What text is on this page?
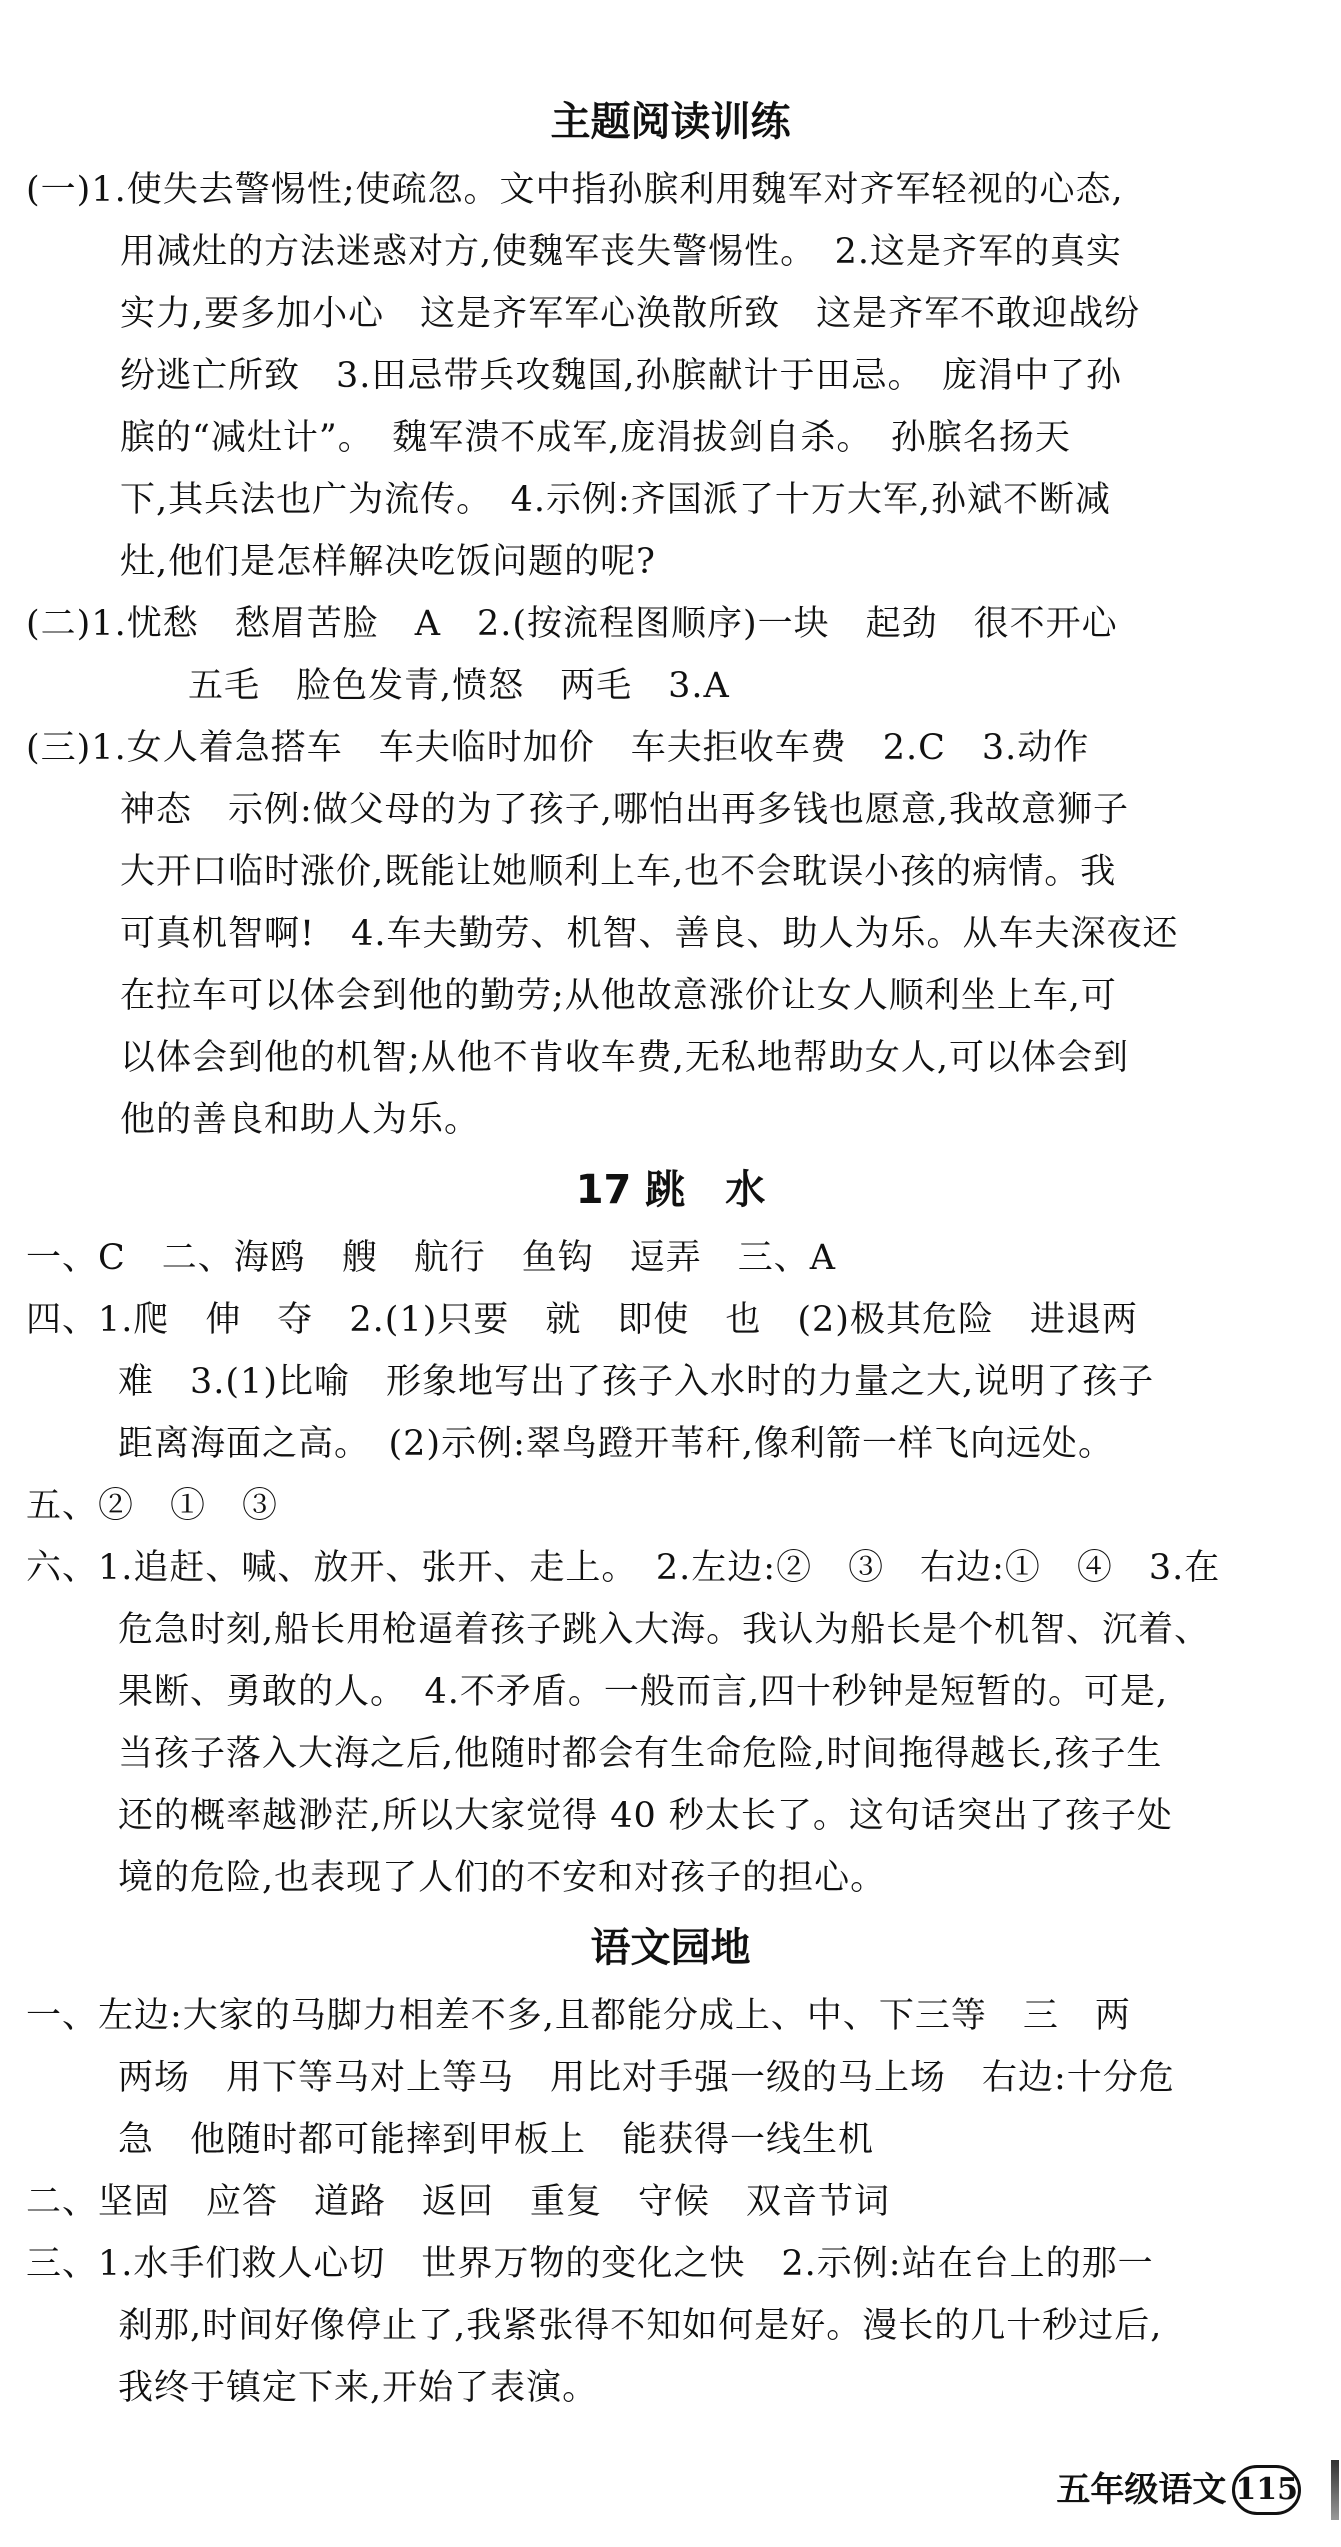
主题阅读训练
(一)1.使失去警惕性;使疏忽。文中指孙膑利用魏军对齐军轻视的心态,
用减灶的方法迷惑对方,使魏军丧失警惕性。　2.这是齐军的真实
实力,要多加小心　这是齐军军心涣散所致　这是齐军不敢迎战纷
纷逃亡所致　3.田忌带兵攻魏国,孙膑献计于田忌。　庞涓中了孙
膑的“减灶计”。　魏军溃不成军,庞涓拔剑自杀。　孙膑名扬天
下,其兵法也广为流传。　4.示例:齐国派了十万大军,孙斌不断减
灶,他们是怎样解决吃饭问题的呢?
(二)1.忧愁　愁眉苦脸　A　2.(按流程图顺序)一块　起劲　很不开心
五毛　脸色发青,愤怒　两毛　3.A
(三)1.女人着急搭车　车夫临时加价　车夫拒收车费　2.C　3.动作
神态　示例:做父母的为了孩子,哪怕出再多钱也愿意,我故意狮子
大开口临时涨价,既能让她顺利上车,也不会耽误小孩的病情。我
可真机智啊!　4.车夫勤劳、机智、善良、助人为乐。从车夫深夜还
在拉车可以体会到他的勤劳;从他故意涨价让女人顺利坐上车,可
以体会到他的机智;从他不肯收车费,无私地帮助女人,可以体会到
他的善良和助人为乐。
17 跳　水
一、C　二、海鸥　艘　航行　鱼钩　逗弄　三、A
四、1.爬　伸　夺　2.(1)只要　就　即使　也　(2)极其危险　进退两
难　3.(1)比喻　形象地写出了孩子入水时的力量之大,说明了孩子
距离海面之高。　(2)示例:翠鸟蹬开苇秆,像利箭一样飞向远处。
五、②　①　③
六、1.追赶、喊、放开、张开、走上。　2.左边:②　③　右边:①　④　3.在
危急时刻,船长用枪逼着孩子跳入大海。我认为船长是个机智、沉着、
果断、勇敢的人。　4.不矛盾。一般而言,四十秒钟是短暂的。可是,
当孩子落入大海之后,他随时都会有生命危险,时间拖得越长,孩子生
还的概率越渺茫,所以大家觉得 40 秒太长了。这句话突出了孩子处
境的危险,也表现了人们的不安和对孩子的担心。
语文园地
一、左边:大家的马脚力相差不多,且都能分成上、中、下三等　三　两
两场　用下等马对上等马　用比对手强一级的马上场　右边:十分危
急　他随时都可能摔到甲板上　能获得一线生机
二、坚固　应答　道路　返回　重复　守候　双音节词
三、1.水手们救人心切　世界万物的变化之快　2.示例:站在台上的那一
刹那,时间好像停止了,我紧张得不知如何是好。漫长的几十秒过后,
我终于镇定下来,开始了表演。
五年级语文 115
